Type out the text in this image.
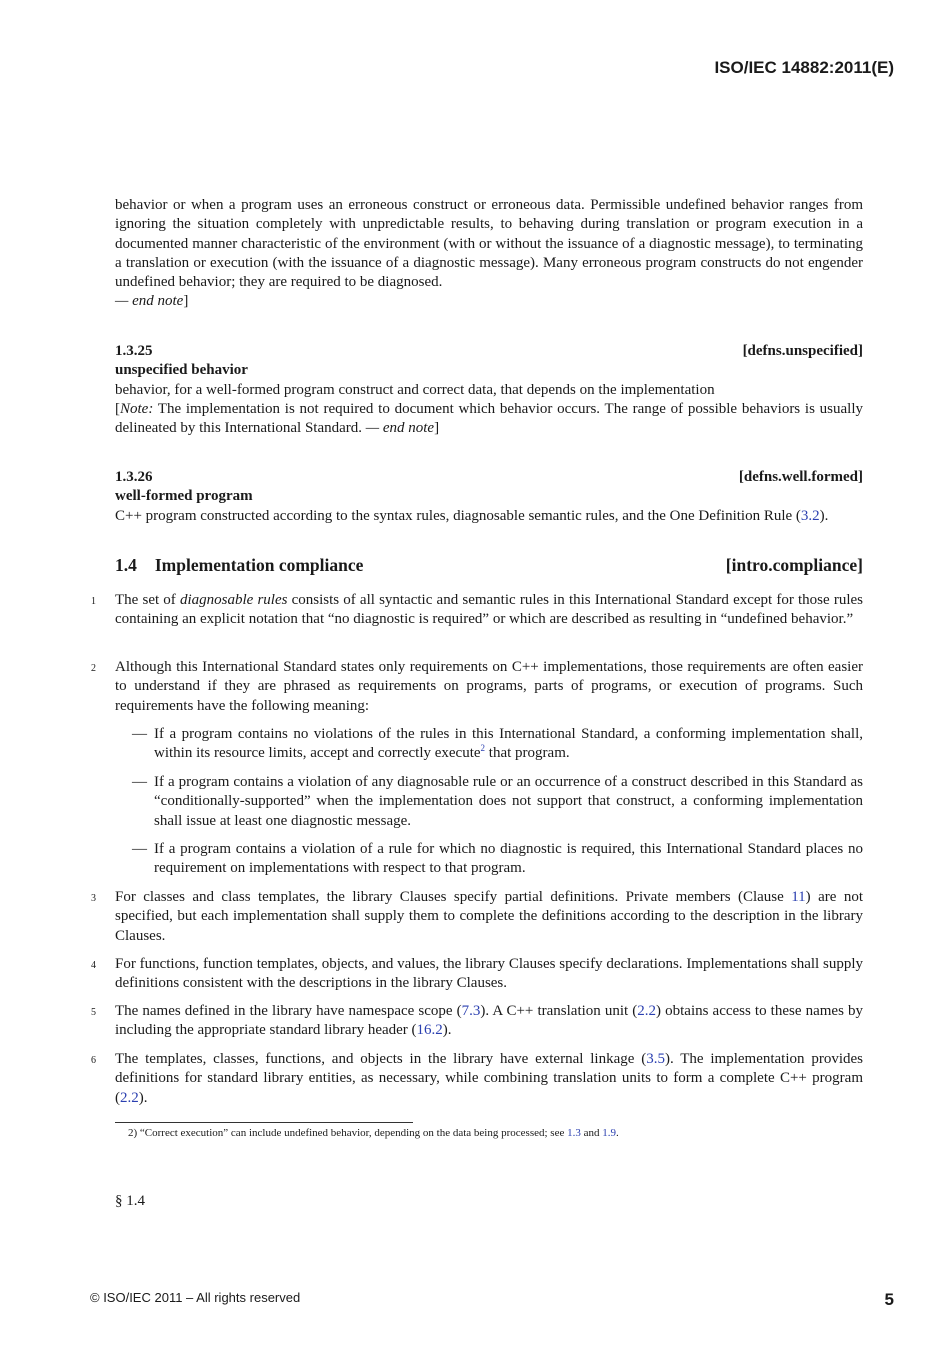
ISO/IEC 14882:2011(E)
behavior or when a program uses an erroneous construct or erroneous data. Permissible undefined behavior ranges from ignoring the situation completely with unpredictable results, to behaving during translation or program execution in a documented manner characteristic of the environment (with or without the issuance of a diagnostic message), to terminating a translation or execution (with the issuance of a diagnostic message). Many erroneous program constructs do not engender undefined behavior; they are required to be diagnosed.
— end note]
1.3.25	[defns.unspecified]
unspecified behavior
behavior, for a well-formed program construct and correct data, that depends on the implementation
[Note: The implementation is not required to document which behavior occurs. The range of possible behaviors is usually delineated by this International Standard. — end note]
1.3.26	[defns.well.formed]
well-formed program
C++ program constructed according to the syntax rules, diagnosable semantic rules, and the One Definition Rule (3.2).
1.4 Implementation compliance	[intro.compliance]
1 The set of diagnosable rules consists of all syntactic and semantic rules in this International Standard except for those rules containing an explicit notation that “no diagnostic is required” or which are described as resulting in “undefined behavior.”
2 Although this International Standard states only requirements on C++ implementations, those requirements are often easier to understand if they are phrased as requirements on programs, parts of programs, or execution of programs. Such requirements have the following meaning:
— If a program contains no violations of the rules in this International Standard, a conforming implementation shall, within its resource limits, accept and correctly execute$^2$ that program.
— If a program contains a violation of any diagnosable rule or an occurrence of a construct described in this Standard as “conditionally-supported” when the implementation does not support that construct, a conforming implementation shall issue at least one diagnostic message.
— If a program contains a violation of a rule for which no diagnostic is required, this International Standard places no requirement on implementations with respect to that program.
3 For classes and class templates, the library Clauses specify partial definitions. Private members (Clause 11) are not specified, but each implementation shall supply them to complete the definitions according to the description in the library Clauses.
4 For functions, function templates, objects, and values, the library Clauses specify declarations. Implementations shall supply definitions consistent with the descriptions in the library Clauses.
5 The names defined in the library have namespace scope (7.3). A C++ translation unit (2.2) obtains access to these names by including the appropriate standard library header (16.2).
6 The templates, classes, functions, and objects in the library have external linkage (3.5). The implementation provides definitions for standard library entities, as necessary, while combining translation units to form a complete C++ program (2.2).
2) “Correct execution” can include undefined behavior, depending on the data being processed; see 1.3 and 1.9.
§ 1.4
© ISO/IEC 2011 – All rights reserved	5
